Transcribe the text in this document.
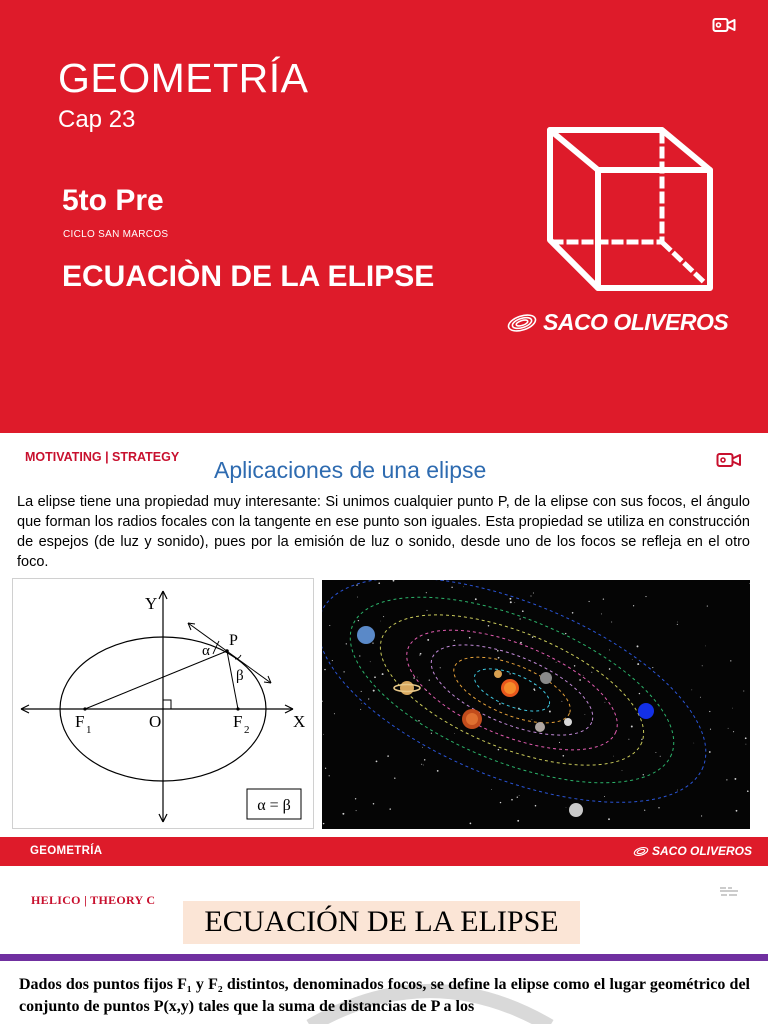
GEOMETRÍA
Cap 23
5to Pre
CICLO SAN MARCOS
ECUACIÒN DE LA ELIPSE
SACO OLIVEROS
MOTIVATING | STRATEGY Aplicaciones de una elipse

La elipse tiene una propiedad muy interesante: Si unimos cualquier punto P, de la elipse con sus focos, el ángulo que forman los radios focales con la tangente en ese punto son iguales. Esta propiedad se utiliza en construcción de espejos (de luz y sonido), pues por la emisión de luz o sonido, desde uno de los focos se refleja en el otro foco.

Y
X
O
P
α
β
F 1	F 2
α = β
GEOMETRÍA	SACO OLIVEROS
HELICO | THEORY C
ECUACIÓN DE LA ELIPSE

Dados dos puntos fijos F₁ y F₂ distintos, denominados focos, se define la elipse como el lugar geométrico del conjunto de puntos P(x,y) tales que la suma de distancias de P a los
